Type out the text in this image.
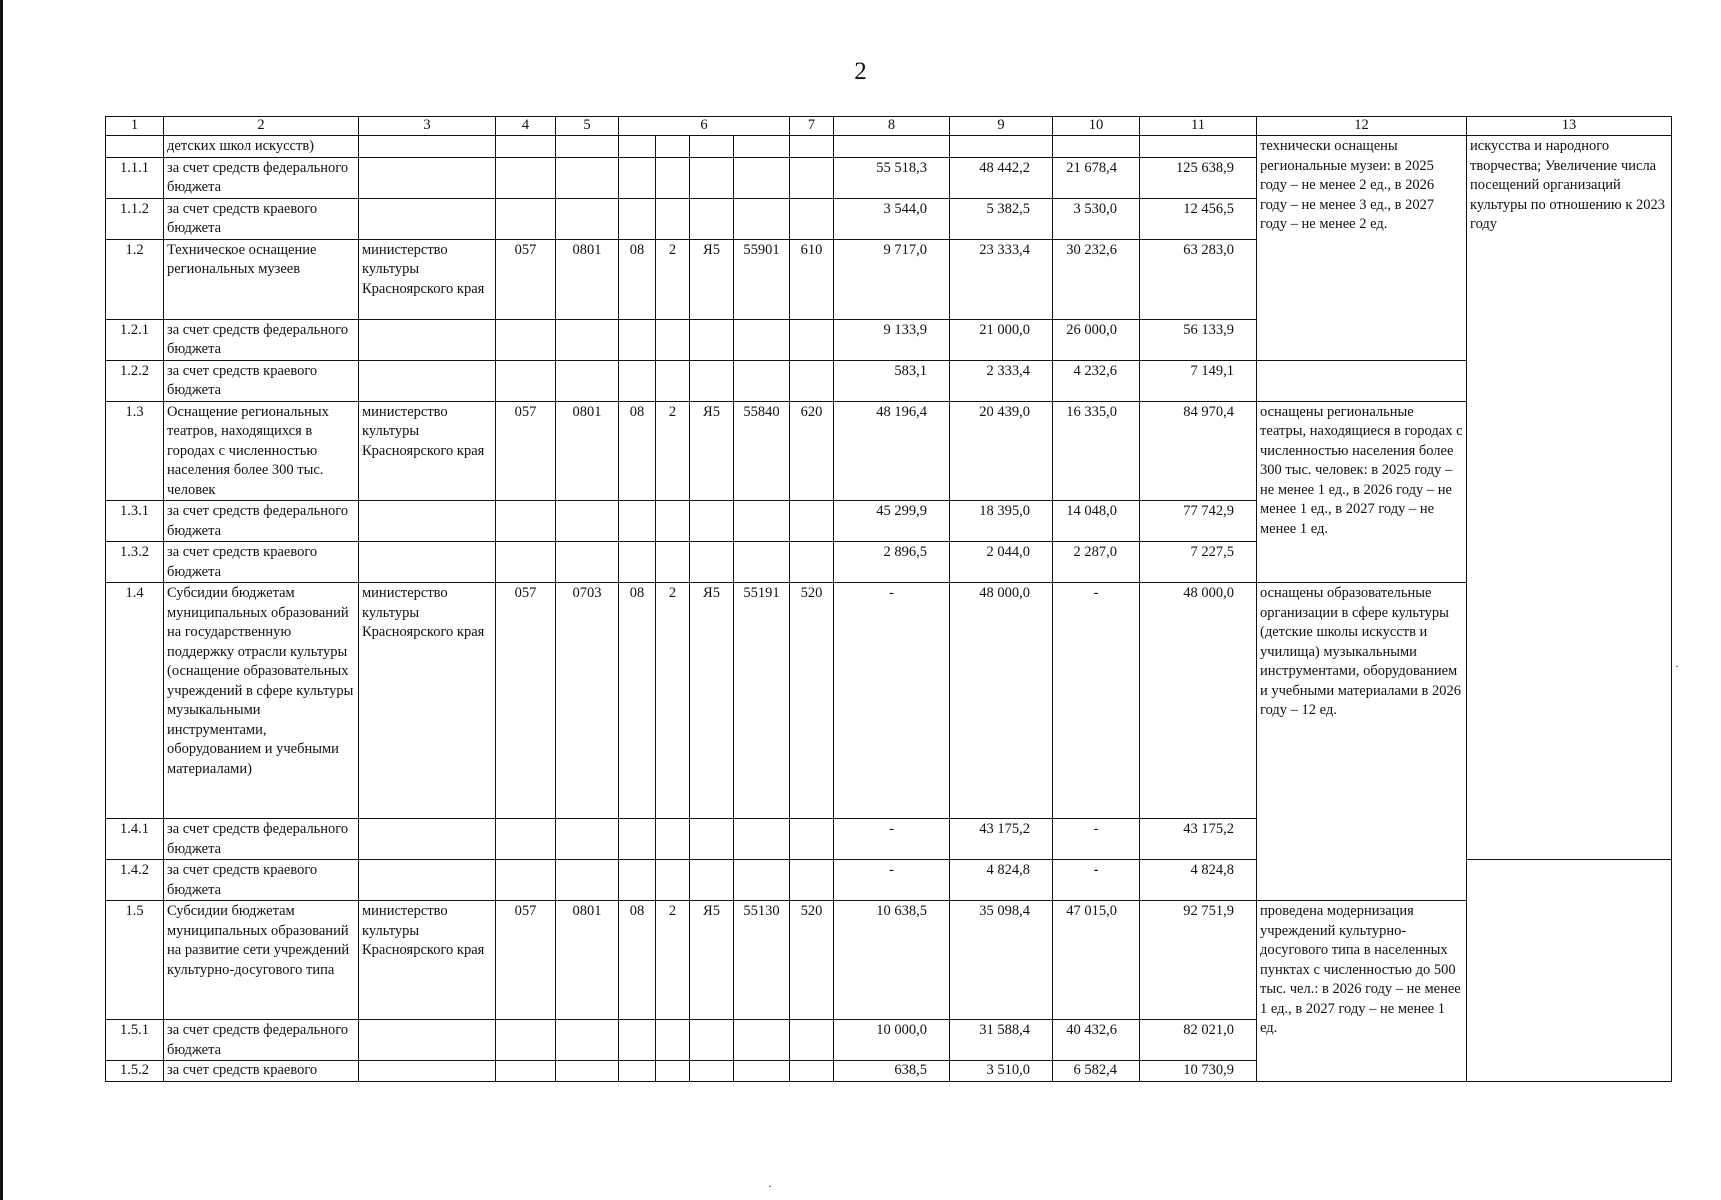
2
·
·
1	2	3	4	5	6				7	8	9	10	11	12	13
	детских школ искусств)													технически оснащены региональные музеи: в 2025 году – не менее 2 ед., в 2026 году – не менее 3 ед., в 2027 году – не менее 2 ед.	искусства и народного творчества; Увеличение числа посещений организаций культуры по отношению к 2023 году
1.1.1	за счет средств федерального бюджета									55 518,3	48 442,2	21 678,4	125 638,9		
1.1.2	за счет средств краевого бюджета									3 544,0	5 382,5	3 530,0	12 456,5		
1.2	Техническое оснащение региональных музеев	министерство культуры Красноярского края	057	0801	08	2	Я5	55901	610	9 717,0	23 333,4	30 232,6	63 283,0		
1.2.1	за счет средств федерального бюджета									9 133,9	21 000,0	26 000,0	56 133,9		
1.2.2	за счет средств краевого бюджета									583,1	2 333,4	4 232,6	7 149,1		
1.3	Оснащение региональных театров, находящихся в городах с численностью населения более 300 тыс. человек	министерство культуры Красноярского края	057	0801	08	2	Я5	55840	620	48 196,4	20 439,0	16 335,0	84 970,4	оснащены региональные театры, находящиеся в городах с численностью населения более 300 тыс. человек: в 2025 году – не менее 1 ед., в 2026 году – не менее 1 ед., в 2027 году – не менее 1 ед.	
1.3.1	за счет средств федерального бюджета									45 299,9	18 395,0	14 048,0	77 742,9		
1.3.2	за счет средств краевого бюджета									2 896,5	2 044,0	2 287,0	7 227,5		
1.4	Субсидии бюджетам муниципальных образований на государственную поддержку отрасли культуры (оснащение образовательных учреждений в сфере культуры музыкальными инструментами, оборудованием и учебными материалами)	министерство культуры Красноярского края	057	0703	08	2	Я5	55191	520	-	48 000,0	-	48 000,0	оснащены образовательные организации в сфере культуры (детские школы искусств и училища) музыкальными инструментами, оборудованием и учебными материалами в 2026 году – 12 ед.	
1.4.1	за счет средств федерального бюджета									-	43 175,2	-	43 175,2		
1.4.2	за счет средств краевого бюджета									-	4 824,8	-	4 824,8		
1.5	Субсидии бюджетам муниципальных образований на развитие сети учреждений культурно-досугового типа	министерство культуры Красноярского края	057	0801	08	2	Я5	55130	520	10 638,5	35 098,4	47 015,0	92 751,9	проведена модернизация учреждений культурно-досугового типа в населенных пунктах с численностью до 500 тыс. чел.: в 2026 году – не менее 1 ед., в 2027 году – не менее 1 ед.	
1.5.1	за счет средств федерального бюджета									10 000,0	31 588,4	40 432,6	82 021,0		
1.5.2	за счет средств краевого									638,5	3 510,0	6 582,4	10 730,9		
